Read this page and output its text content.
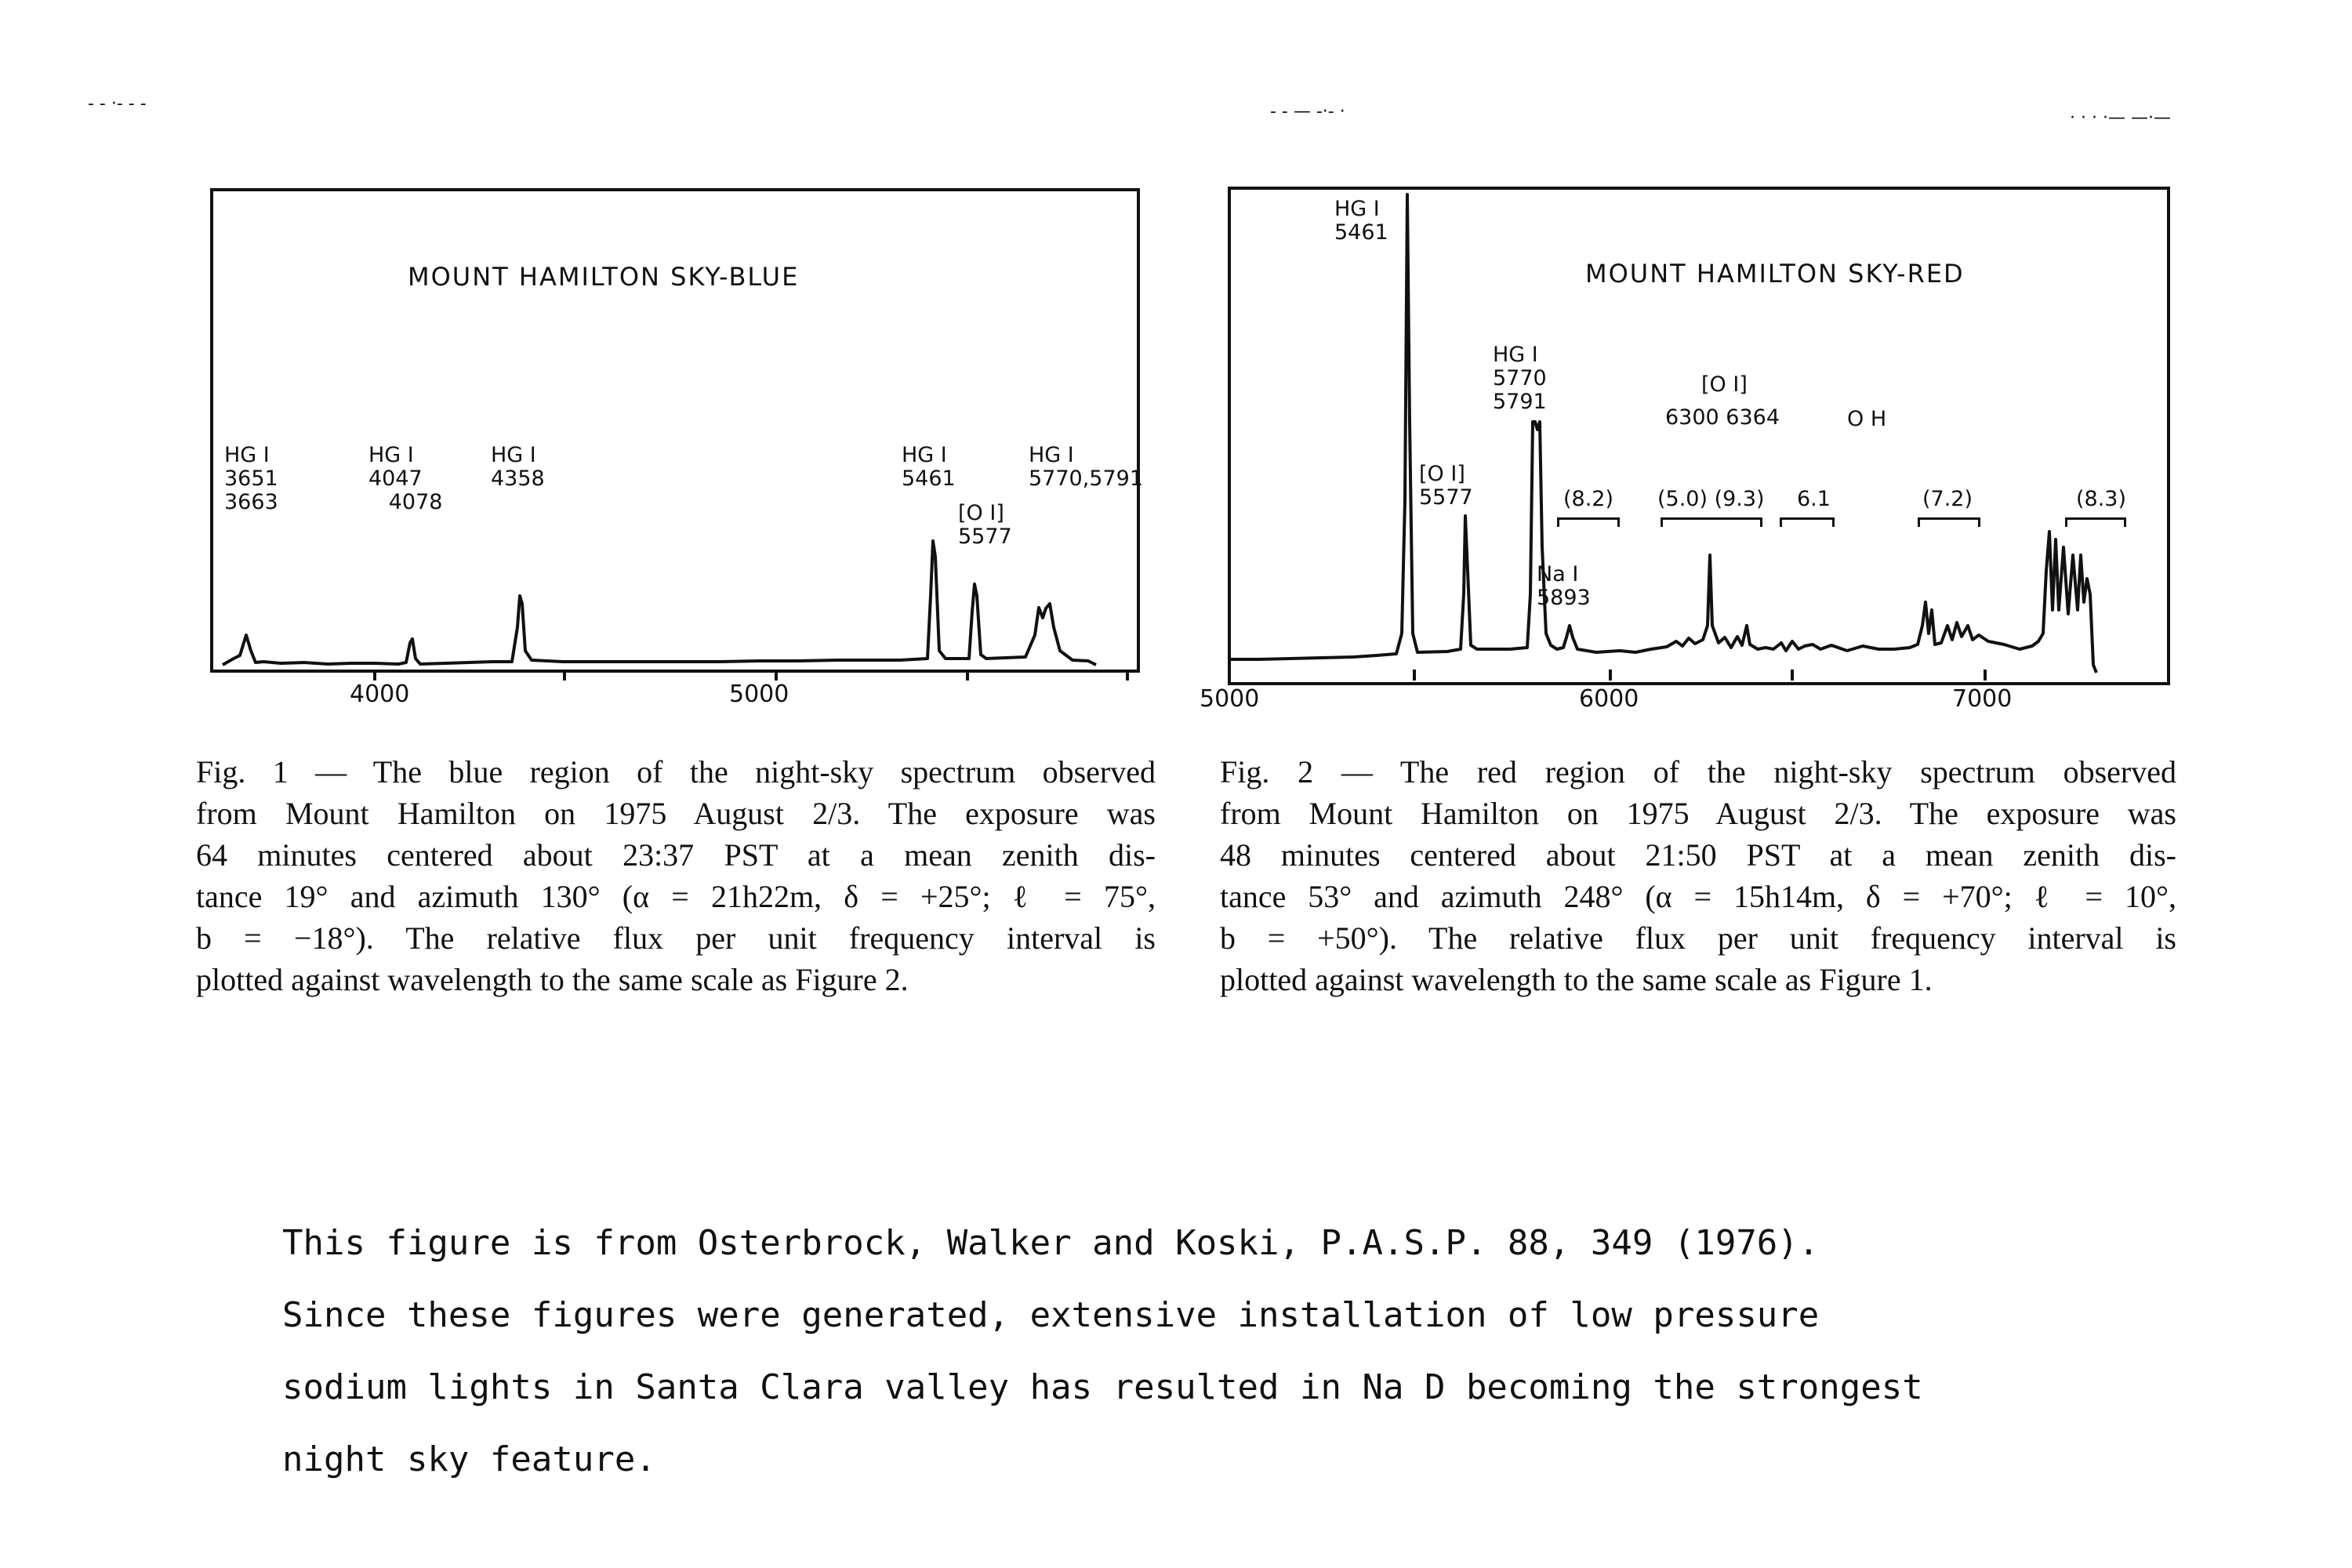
- - ·- - -	- - — -·- ·	· · · ·— —·—
MOUNT HAMILTON SKY-BLUE
HG I
3651
3663
HG I
4047
4078
HG I
4358
HG I
5461
HG I
5770,5791
[O I]
5577
4000	5000
Fig. 1 — The blue region of the night-sky spectrum observed
from Mount Hamilton on 1975 August 2/3. The exposure was
64 minutes centered about 23:37 PST at a mean zenith dis-
tance 19° and azimuth 130° (α = 21h22m, δ = +25°; ℓ = 75°,
b = −18°). The relative flux per unit frequency interval is
plotted against wavelength to the same scale as Figure 2.
MOUNT HAMILTON SKY-RED
HG I
5461
HG I
5770
5791
[O I]
5577
[O I]
6300 6364	O H
Na I
5893
(8.2) (5.0) (9.3) 6.1	(7.2)	(8.3)
5000	6000	7000
Fig. 2 — The red region of the night-sky spectrum observed
from Mount Hamilton on 1975 August 2/3. The exposure was
48 minutes centered about 21:50 PST at a mean zenith dis-
tance 53° and azimuth 248° (α = 15h14m, δ = +70°; ℓ = 10°,
b = +50°). The relative flux per unit frequency interval is
plotted against wavelength to the same scale as Figure 1.

This figure is from Osterbrock, Walker and Koski, P.A.S.P. 88, 349 (1976).
Since these figures were generated, extensive installation of low pressure
sodium lights in Santa Clara valley has resulted in Na D becoming the strongest
night sky feature.
